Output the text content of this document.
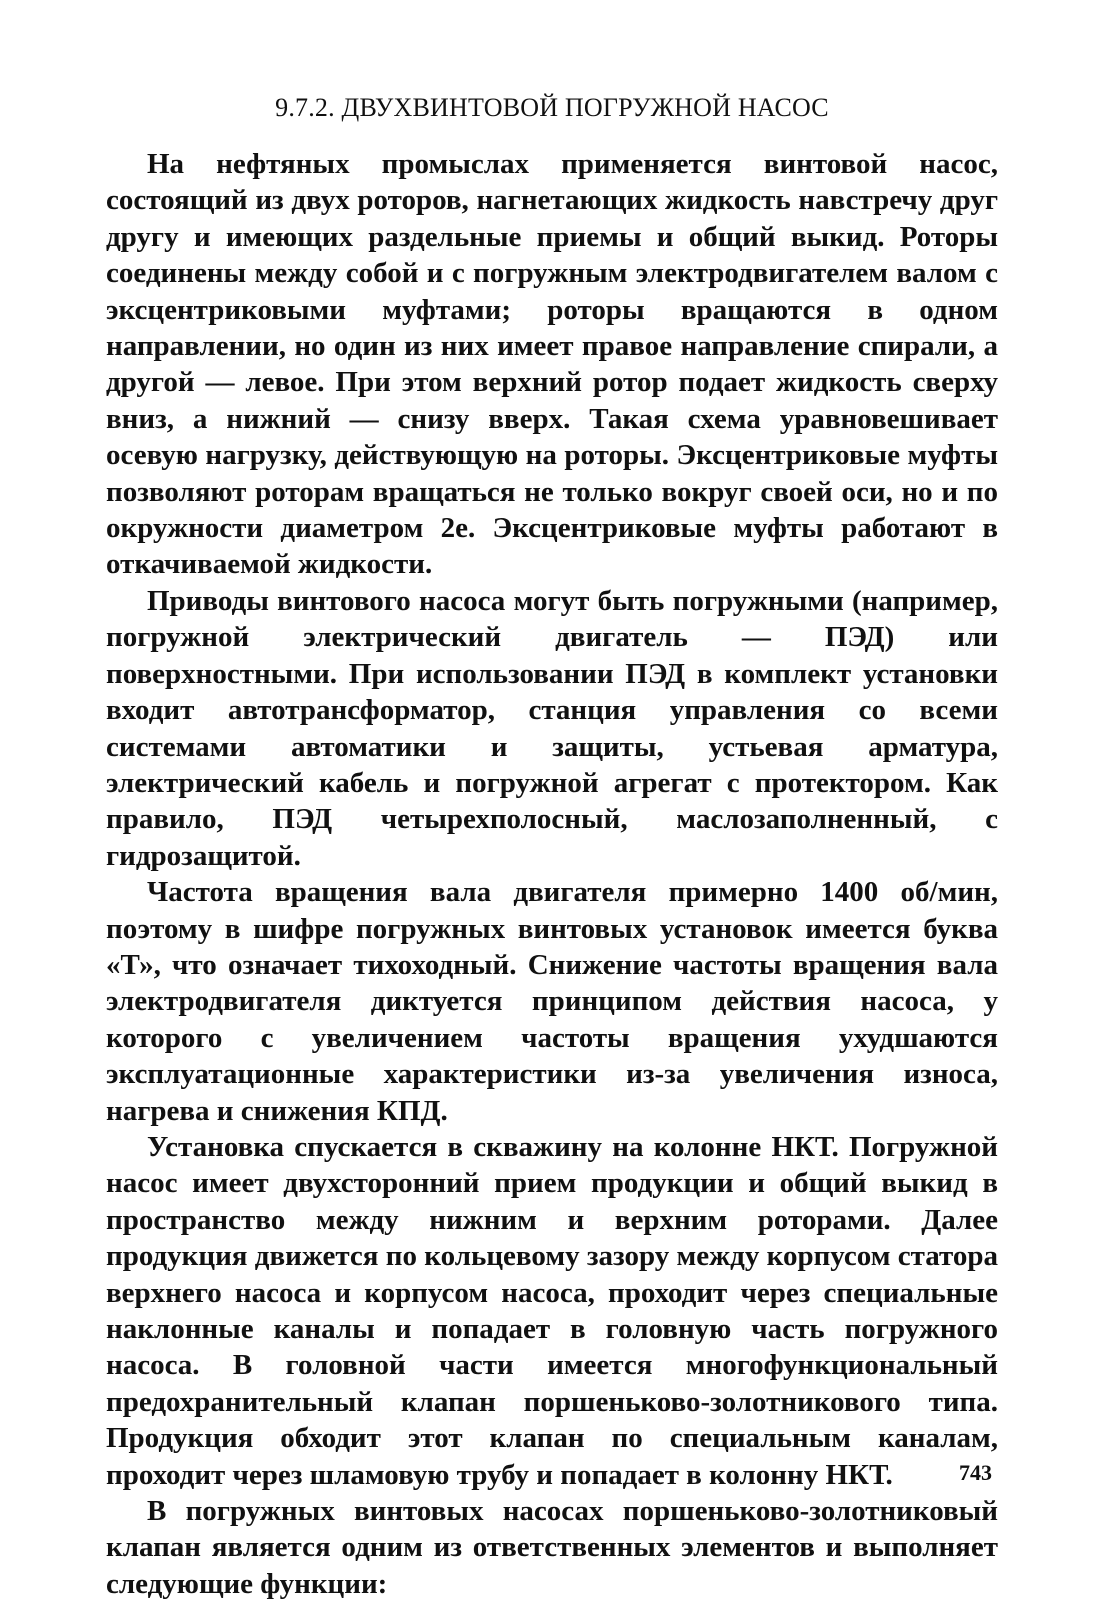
9.7.2. ДВУХВИНТОВОЙ ПОГРУЖНОЙ НАСОС

На нефтяных промыслах применяется винтовой насос, состоящий из двух роторов, нагнетающих жидкость навстречу друг другу и имеющих раздельные приемы и общий выкид. Роторы соединены между собой и с погружным электродвигателем валом с эксцентриковыми муфтами; роторы вращаются в одном направлении, но один из них имеет правое направление спирали, а другой — левое. При этом верхний ротор подает жидкость сверху вниз, а нижний — снизу вверх. Такая схема уравновешивает осевую нагрузку, действующую на роторы. Эксцентриковые муфты позволяют роторам вращаться не только вокруг своей оси, но и по окружности диаметром 2е. Эксцентриковые муфты работают в откачиваемой жидкости.

Приводы винтового насоса могут быть погружными (например, погружной электрический двигатель — ПЭД) или поверхностными. При использовании ПЭД в комплект установки входит автотрансформатор, станция управления со всеми системами автоматики и защиты, устьевая арматура, электрический кабель и погружной агрегат с протектором. Как правило, ПЭД четырехполосный, маслозаполненный, с гидрозащитой.

Частота вращения вала двигателя примерно 1400 об/мин, поэтому в шифре погружных винтовых установок имеется буква «Т», что означает тихоходный. Снижение частоты вращения вала электродвигателя диктуется принципом действия насоса, у которого с увеличением частоты вращения ухудшаются эксплуатационные характеристики из-за увеличения износа, нагрева и снижения КПД.

Установка спускается в скважину на колонне НКТ. Погружной насос имеет двухсторонний прием продукции и общий выкид в пространство между нижним и верхним роторами. Далее продукция движется по кольцевому зазору между корпусом статора верхнего насоса и корпусом насоса, проходит через специальные наклонные каналы и попадает в головную часть погружного насоса. В головной части имеется многофункциональный предохранительный клапан поршеньково-золотникового типа. Продукция обходит этот клапан по специальным каналам, проходит через шламовую трубу и попадает в колонну НКТ.

В погружных винтовых насосах поршеньково-золотниковый клапан является одним из ответственных элементов и выполняет следующие функции:

743
